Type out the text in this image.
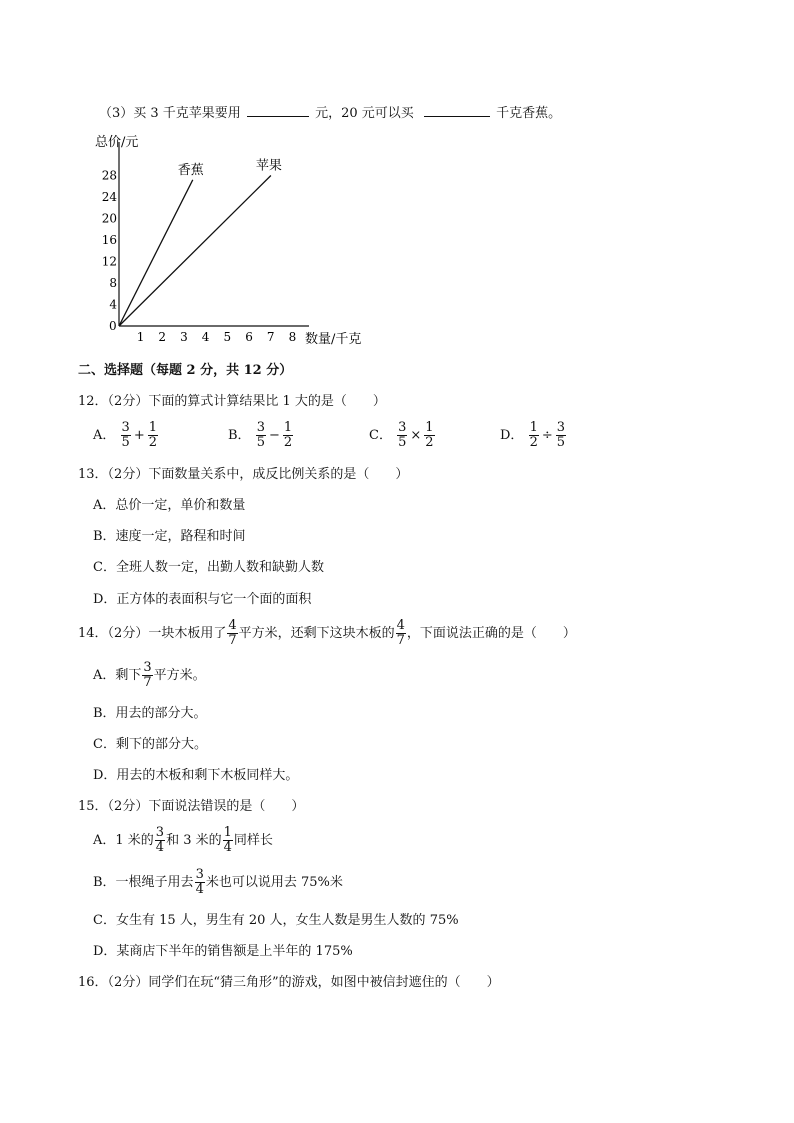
（3）买 3 千克苹果要用	元，20 元可以买	千克香蕉。
总价/元
数量/千克
0
1 2 3 4 5 6 7 8
4
8
12
16
20
24
28	香蕉	苹果
二、选择题（每题 2 分，共 12 分）
12．（2分）下面的算式计算结果比 1 大的是（　　）
A． $\frac{3}{5} + \frac{1}{2}$	B． $\frac{3}{5} - \frac{1}{2}$	C． $\frac{3}{5} \times \frac{1}{2}$	D． $\frac{1}{2} \div \frac{3}{5}$
13．（2分）下面数量关系中，成反比例关系的是（　　）
A．总价一定，单价和数量
B．速度一定，路程和时间
C．全班人数一定，出勤人数和缺勤人数
D．正方体的表面积与它一个面的面积
14．（2分）一块木板用了 $\frac{4}{7}$ 平方米，还剩下这块木板的 $\frac{4}{7}$ ，下面说法正确的是（　　）
A．剩下 $\frac{3}{7}$ 平方米。
B．用去的部分大。
C．剩下的部分大。
D．用去的木板和剩下木板同样大。
15．（2分）下面说法错误的是（　　）
A．1 米的 $\frac{3}{4}$ 和 3 米的 $\frac{1}{4}$ 同样长
B．一根绳子用去 $\frac{3}{4}$ 米也可以说用去 75%米
C．女生有 15 人，男生有 20 人，女生人数是男生人数的 75%
D．某商店下半年的销售额是上半年的 175%
16．（2分）同学们在玩“猜三角形”的游戏，如图中被信封遮住的（　　）
